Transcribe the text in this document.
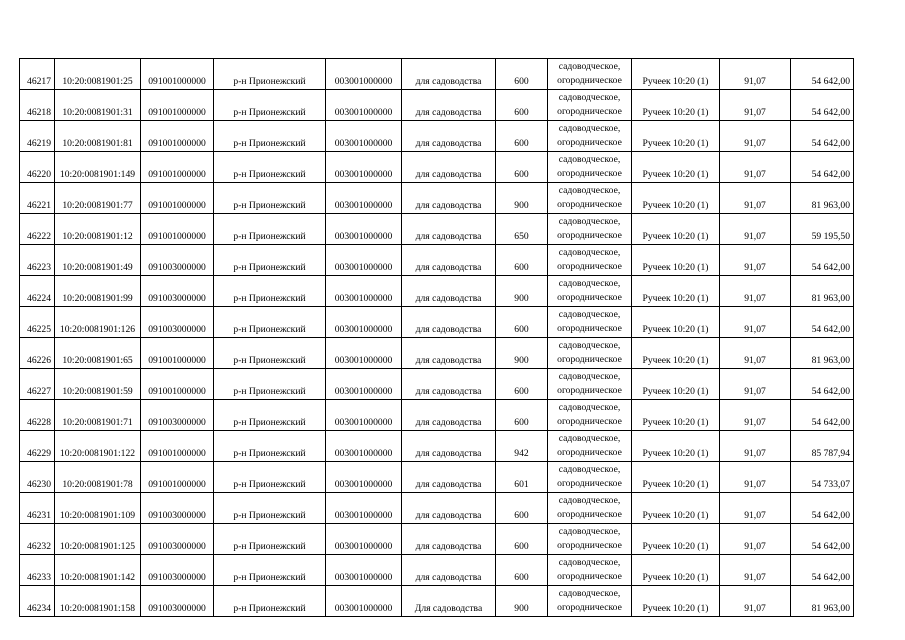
46217	10:20:0081901:25	091001000000	р-н Прионежский	003001000000	для садоводства	600	садоводческое,
огородническое	Ручеек 10:20 (1)	91,07	54 642,00
46218	10:20:0081901:31	091001000000	р-н Прионежский	003001000000	для садоводства	600	садоводческое,
огородническое	Ручеек 10:20 (1)	91,07	54 642,00
46219	10:20:0081901:81	091001000000	р-н Прионежский	003001000000	для садоводства	600	садоводческое,
огородническое	Ручеек 10:20 (1)	91,07	54 642,00
46220	10:20:0081901:149	091001000000	р-н Прионежский	003001000000	для садоводства	600	садоводческое,
огородническое	Ручеек 10:20 (1)	91,07	54 642,00
46221	10:20:0081901:77	091001000000	р-н Прионежский	003001000000	для садоводства	900	садоводческое,
огородническое	Ручеек 10:20 (1)	91,07	81 963,00
46222	10:20:0081901:12	091001000000	р-н Прионежский	003001000000	для садоводства	650	садоводческое,
огородническое	Ручеек 10:20 (1)	91,07	59 195,50
46223	10:20:0081901:49	091003000000	р-н Прионежский	003001000000	для садоводства	600	садоводческое,
огородническое	Ручеек 10:20 (1)	91,07	54 642,00
46224	10:20:0081901:99	091003000000	р-н Прионежский	003001000000	для садоводства	900	садоводческое,
огородническое	Ручеек 10:20 (1)	91,07	81 963,00
46225	10:20:0081901:126	091003000000	р-н Прионежский	003001000000	для садоводства	600	садоводческое,
огородническое	Ручеек 10:20 (1)	91,07	54 642,00
46226	10:20:0081901:65	091001000000	р-н Прионежский	003001000000	для садоводства	900	садоводческое,
огородническое	Ручеек 10:20 (1)	91,07	81 963,00
46227	10:20:0081901:59	091001000000	р-н Прионежский	003001000000	для садоводства	600	садоводческое,
огородническое	Ручеек 10:20 (1)	91,07	54 642,00
46228	10:20:0081901:71	091003000000	р-н Прионежский	003001000000	для садоводства	600	садоводческое,
огородническое	Ручеек 10:20 (1)	91,07	54 642,00
46229	10:20:0081901:122	091001000000	р-н Прионежский	003001000000	для садоводства	942	садоводческое,
огородническое	Ручеек 10:20 (1)	91,07	85 787,94
46230	10:20:0081901:78	091001000000	р-н Прионежский	003001000000	для садоводства	601	садоводческое,
огородническое	Ручеек 10:20 (1)	91,07	54 733,07
46231	10:20:0081901:109	091003000000	р-н Прионежский	003001000000	для садоводства	600	садоводческое,
огородническое	Ручеек 10:20 (1)	91,07	54 642,00
46232	10:20:0081901:125	091003000000	р-н Прионежский	003001000000	для садоводства	600	садоводческое,
огородническое	Ручеек 10:20 (1)	91,07	54 642,00
46233	10:20:0081901:142	091003000000	р-н Прионежский	003001000000	для садоводства	600	садоводческое,
огородническое	Ручеек 10:20 (1)	91,07	54 642,00
46234	10:20:0081901:158	091003000000	р-н Прионежский	003001000000	Для садоводства	900	садоводческое,
огородническое	Ручеек 10:20 (1)	91,07	81 963,00
